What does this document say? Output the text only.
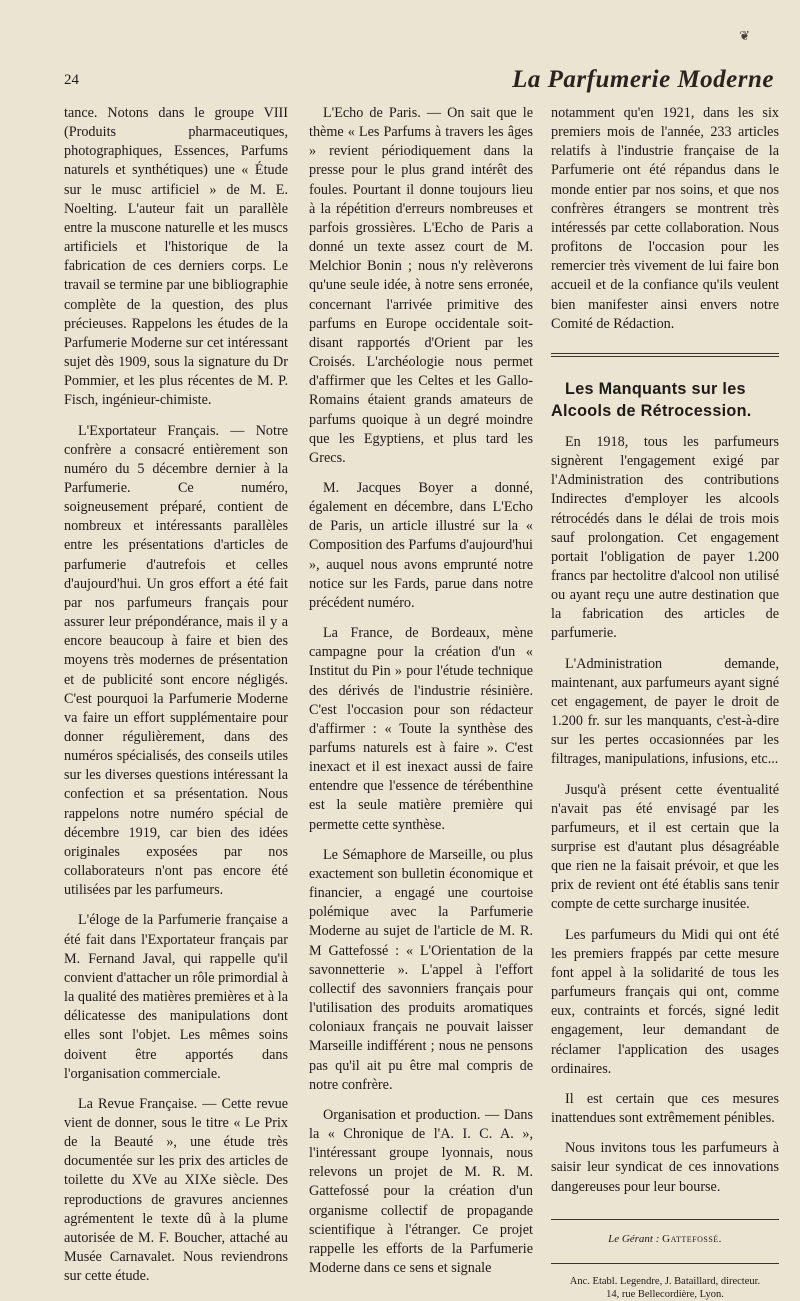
❦
24	La Parfumerie Moderne

tance. Notons dans le groupe VIII (Produits pharmaceutiques, photographiques, Essences, Parfums naturels et synthétiques) une « Étude sur le musc artificiel » de M. E. Noelting. L'auteur fait un parallèle entre la muscone naturelle et les muscs artificiels et l'historique de la fabrication de ces derniers corps. Le travail se termine par une bibliographie complète de la question, des plus précieuses. Rappelons les études de la Parfumerie Moderne sur cet intéressant sujet dès 1909, sous la signature du Dr Pommier, et les plus récentes de M. P. Fisch, ingénieur-chimiste.

L'Exportateur Français. — Notre confrère a consacré entièrement son numéro du 5 décembre dernier à la Parfumerie. Ce numéro, soigneusement préparé, contient de nombreux et intéressants parallèles entre les présentations d'articles de parfumerie d'autrefois et celles d'aujourd'hui. Un gros effort a été fait par nos parfumeurs français pour assurer leur prépondérance, mais il y a encore beaucoup à faire et bien des moyens très modernes de présentation et de publicité sont encore négligés. C'est pourquoi la Parfumerie Moderne va faire un effort supplémentaire pour donner régulièrement, dans des numéros spécialisés, des conseils utiles sur les diverses questions intéressant la confection et sa présentation. Nous rappelons notre numéro spécial de décembre 1919, car bien des idées originales exposées par nos collaborateurs n'ont pas encore été utilisées par les parfumeurs.

L'éloge de la Parfumerie française a été fait dans l'Exportateur français par M. Fernand Javal, qui rappelle qu'il convient d'attacher un rôle primordial à la qualité des matières premières et à la délicatesse des manipulations dont elles sont l'objet. Les mêmes soins doivent être apportés dans l'organisation commerciale.

La Revue Française. — Cette revue vient de donner, sous le titre « Le Prix de la Beauté », une étude très documentée sur les prix des articles de toilette du XVe au XIXe siècle. Des reproductions de gravures anciennes agrémentent le texte dû à la plume autorisée de M. F. Boucher, attaché au Musée Carnavalet. Nous reviendrons sur cette étude.

L'Echo de Paris. — On sait que le thème « Les Parfums à travers les âges » revient périodiquement dans la presse pour le plus grand intérêt des foules. Pourtant il donne toujours lieu à la répétition d'erreurs nombreuses et parfois grossières. L'Echo de Paris a donné un texte assez court de M. Melchior Bonin ; nous n'y relèverons qu'une seule idée, à notre sens erronée, concernant l'arrivée primitive des parfums en Europe occidentale soit-disant rapportés d'Orient par les Croisés. L'archéologie nous permet d'affirmer que les Celtes et les Gallo-Romains étaient grands amateurs de parfums quoique à un degré moindre que les Egyptiens, et plus tard les Grecs.

M. Jacques Boyer a donné, également en décembre, dans L'Echo de Paris, un article illustré sur la « Composition des Parfums d'aujourd'hui », auquel nous avons emprunté notre notice sur les Fards, parue dans notre précédent numéro.

La France, de Bordeaux, mène campagne pour la création d'un « Institut du Pin » pour l'étude technique des dérivés de l'industrie résinière. C'est l'occasion pour son rédacteur d'affirmer : « Toute la synthèse des parfums naturels est à faire ». C'est inexact et il est inexact aussi de faire entendre que l'essence de térébenthine est la seule matière première qui permette cette synthèse.

Le Sémaphore de Marseille, ou plus exactement son bulletin économique et financier, a engagé une courtoise polémique avec la Parfumerie Moderne au sujet de l'article de M. R. M Gattefossé : « L'Orientation de la savonnetterie ». L'appel à l'effort collectif des savonniers français pour l'utilisation des produits aromatiques coloniaux français ne pouvait laisser Marseille indifférent ; nous ne pensons pas qu'il ait pu être mal compris de notre confrère.

Organisation et production. — Dans la « Chronique de l'A. I. C. A. », l'intéressant groupe lyonnais, nous relevons un projet de M. R. M. Gattefossé pour la création d'un organisme collectif de propagande scientifique à l'étranger. Ce projet rappelle les efforts de la Parfumerie Moderne dans ce sens et signale

notamment qu'en 1921, dans les six premiers mois de l'année, 233 articles relatifs à l'industrie française de la Parfumerie ont été répandus dans le monde entier par nos soins, et que nos confrères étrangers se montrent très intéressés par cette collaboration. Nous profitons de l'occasion pour les remercier très vivement de lui faire bon accueil et de la confiance qu'ils veulent bien manifester ainsi envers notre Comité de Rédaction.

Les Manquants sur les Alcools de Rétrocession.

En 1918, tous les parfumeurs signèrent l'engagement exigé par l'Administration des contributions Indirectes d'employer les alcools rétrocédés dans le délai de trois mois sauf prolongation. Cet engagement portait l'obligation de payer 1.200 francs par hectolitre d'alcool non utilisé ou ayant reçu une autre destination que la fabrication des articles de parfumerie.

L'Administration demande, maintenant, aux parfumeurs ayant signé cet engagement, de payer le droit de 1.200 fr. sur les manquants, c'est-à-dire sur les pertes occasionnées par les filtrages, manipulations, infusions, etc...

Jusqu'à présent cette éventualité n'avait pas été envisagé par les parfumeurs, et il est certain que la surprise est d'autant plus désagréable que rien ne la faisait prévoir, et que les prix de revient ont été établis sans tenir compte de cette surcharge inusitée.

Les parfumeurs du Midi qui ont été les premiers frappés par cette mesure font appel à la solidarité de tous les parfumeurs français qui ont, comme eux, contraints et forcés, signé ledit engagement, leur demandant de réclamer l'application des usages ordinaires.

Il est certain que ces mesures inattendues sont extrêmement pénibles.

Nous invitons tous les parfumeurs à saisir leur syndicat de ces innovations dangereuses pour leur bourse.

Le Gérant : Gattefossé.
Anc. Etabl. Legendre, J. Bataillard, directeur.
14, rue Bellecordière, Lyon.
